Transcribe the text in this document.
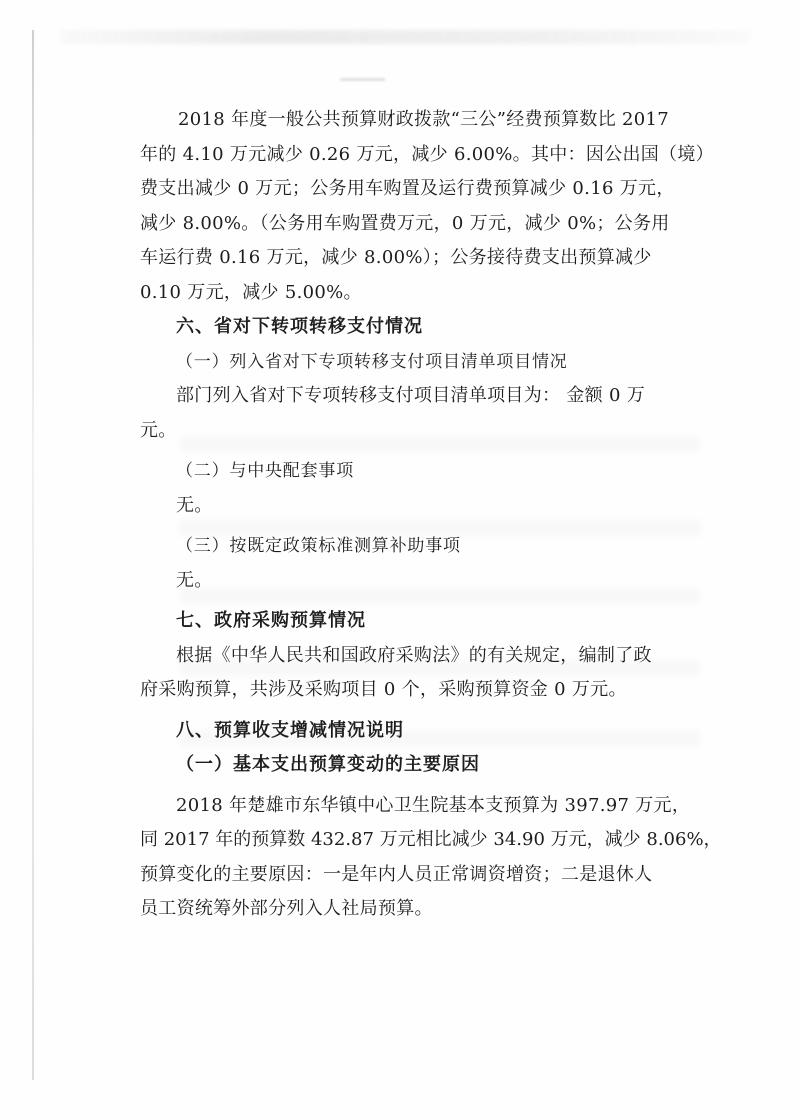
2018 年度一般公共预算财政拨款“三公”经费预算数比 2017
年的 4.10 万元减少 0.26 万元，减少 6.00%。其中：因公出国（境）
费支出减少 0 万元；公务用车购置及运行费预算减少 0.16 万元，
减少 8.00%。（公务用车购置费万元，0 万元，减少 0%；公务用
车运行费 0.16 万元，减少 8.00%）；公务接待费支出预算减少
0.10 万元，减少 5.00%。
六、省对下转项转移支付情况
（一）列入省对下专项转移支付项目清单项目情况
部门列入省对下专项转移支付项目清单项目为： 金额 0 万
元。
（二）与中央配套事项
无。
（三）按既定政策标准测算补助事项
无。
七、政府采购预算情况
根据《中华人民共和国政府采购法》的有关规定，编制了政
府采购预算，共涉及采购项目 0 个，采购预算资金 0 万元。
八、预算收支增减情况说明
（一）基本支出预算变动的主要原因
2018 年楚雄市东华镇中心卫生院基本支预算为 397.97 万元，
同 2017 年的预算数 432.87 万元相比减少 34.90 万元，减少 8.06%，
预算变化的主要原因：一是年内人员正常调资增资；二是退休人
员工资统筹外部分列入人社局预算。
